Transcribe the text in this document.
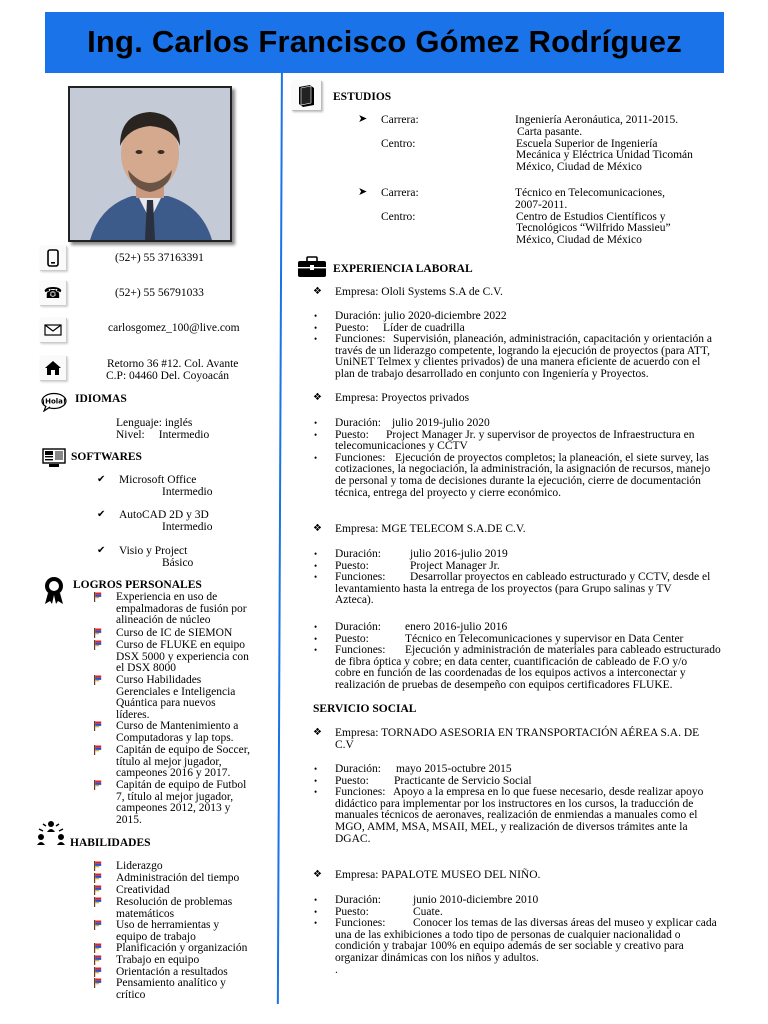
Ing. Carlos Francisco Gómez Rodríguez
(52+) 55 37163391
☎	(52+) 55 56791033
carlosgomez_100@live.com
Retorno 36 #12. Col. Avante
C.P: 04460 Del. Coyoacán
¡Hola! IDIOMAS
Lenguaje: inglés
Nivel: Intermedio
SOFTWARES
✔ Microsoft Office
Intermedio
✔ AutoCAD 2D y 3D
Intermedio
✔ Visio y Project
Básico
LOGROS PERSONALES
Experiencia en uso de
empalmadoras de fusión por
alineación de núcleo
Curso de IC de SIEMON
Curso de FLUKE en equipo
DSX 5000 y experiencia con
el DSX 8000
Curso Habilidades
Gerenciales e Inteligencia
Quántica para nuevos
líderes.
Curso de Mantenimiento a
Computadoras y lap tops.
Capitán de equipo de Soccer,
título al mejor jugador,
campeones 2016 y 2017.
Capitán de equipo de Futbol
7, título al mejor jugador,
campeones 2012, 2013 y
2015.
HABILIDADES
Liderazgo
Administración del tiempo
Creatividad
Resolución de problemas
matemáticos
Uso de herramientas y
equipo de trabajo
Planificación y organización
Trabajo en equipo
Orientación a resultados
Pensamiento analítico y
crítico
ESTUDIOS
➤ Carrera:	Ingeniería Aeronáutica, 2011-2015.
Carta pasante.
Centro:	Escuela Superior de Ingeniería
Mecánica y Eléctrica Unidad Ticomán
México, Ciudad de México
➤ Carrera:	Técnico en Telecomunicaciones,
2007-2011.
Centro:	Centro de Estudios Científicos y
Tecnológicos “Wilfrido Massieu”
México, Ciudad de México
EXPERIENCIA LABORAL
❖ Empresa: Ololi Systems S.A de C.V.
• Duración: julio 2020-diciembre 2022
• Puesto: Líder de cuadrilla
• Funciones: Supervisión, planeación, administración, capacitación y orientación a
través de un liderazgo competente, logrando la ejecución de proyectos (para ATT,
UniNET Telmex y clientes privados) de una manera eficiente de acuerdo con el
plan de trabajo desarrollado en conjunto con Ingeniería y Proyectos.
❖ Empresa: Proyectos privados
• Duración: julio 2019-julio 2020
• Puesto: Project Manager Jr. y supervisor de proyectos de Infraestructura en
telecomunicaciones y CCTV
• Funciones: Ejecución de proyectos completos; la planeación, el siete survey, las
cotizaciones, la negociación, la administración, la asignación de recursos, manejo
de personal y toma de decisiones durante la ejecución, cierre de documentación
técnica, entrega del proyecto y cierre económico.
❖ Empresa: MGE TELECOM S.A.DE C.V.
• Duración:	julio 2016-julio 2019
• Puesto:	Project Manager Jr.
• Funciones: Desarrollar proyectos en cableado estructurado y CCTV, desde el
levantamiento hasta la entrega de los proyectos (para Grupo salinas y TV
Azteca).
• Duración: enero 2016-julio 2016
• Puesto:	Técnico en Telecomunicaciones y supervisor en Data Center
• Funciones: Ejecución y administración de materiales para cableado estructurado
de fibra óptica y cobre; en data center, cuantificación de cableado de F.O y/o
cobre en función de las coordenadas de los equipos activos a interconectar y
realización de pruebas de desempeño con equipos certificadores FLUKE.
SERVICIO SOCIAL
❖ Empresa: TORNADO ASESORIA EN TRANSPORTACIÓN AÉREA S.A. DE
C.V
• Duración: mayo 2015-octubre 2015
• Puesto: Practicante de Servicio Social
• Funciones: Apoyo a la empresa en lo que fuese necesario, desde realizar apoyo
didáctico para implementar por los instructores en los cursos, la traducción de
manuales técnicos de aeronaves, realización de enmiendas a manuales como el
MGO, AMM, MSA, MSAII, MEL, y realización de diversos trámites ante la
DGAC.
❖ Empresa: PAPALOTE MUSEO DEL NIÑO.
• Duración:	junio 2010-diciembre 2010
• Puesto:	Cuate.
• Funciones: Conocer los temas de las diversas áreas del museo y explicar cada
una de las exhibiciones a todo tipo de personas de cualquier nacionalidad o
condición y trabajar 100% en equipo además de ser sociable y creativo para
organizar dinámicas con los niños y adultos.
.
